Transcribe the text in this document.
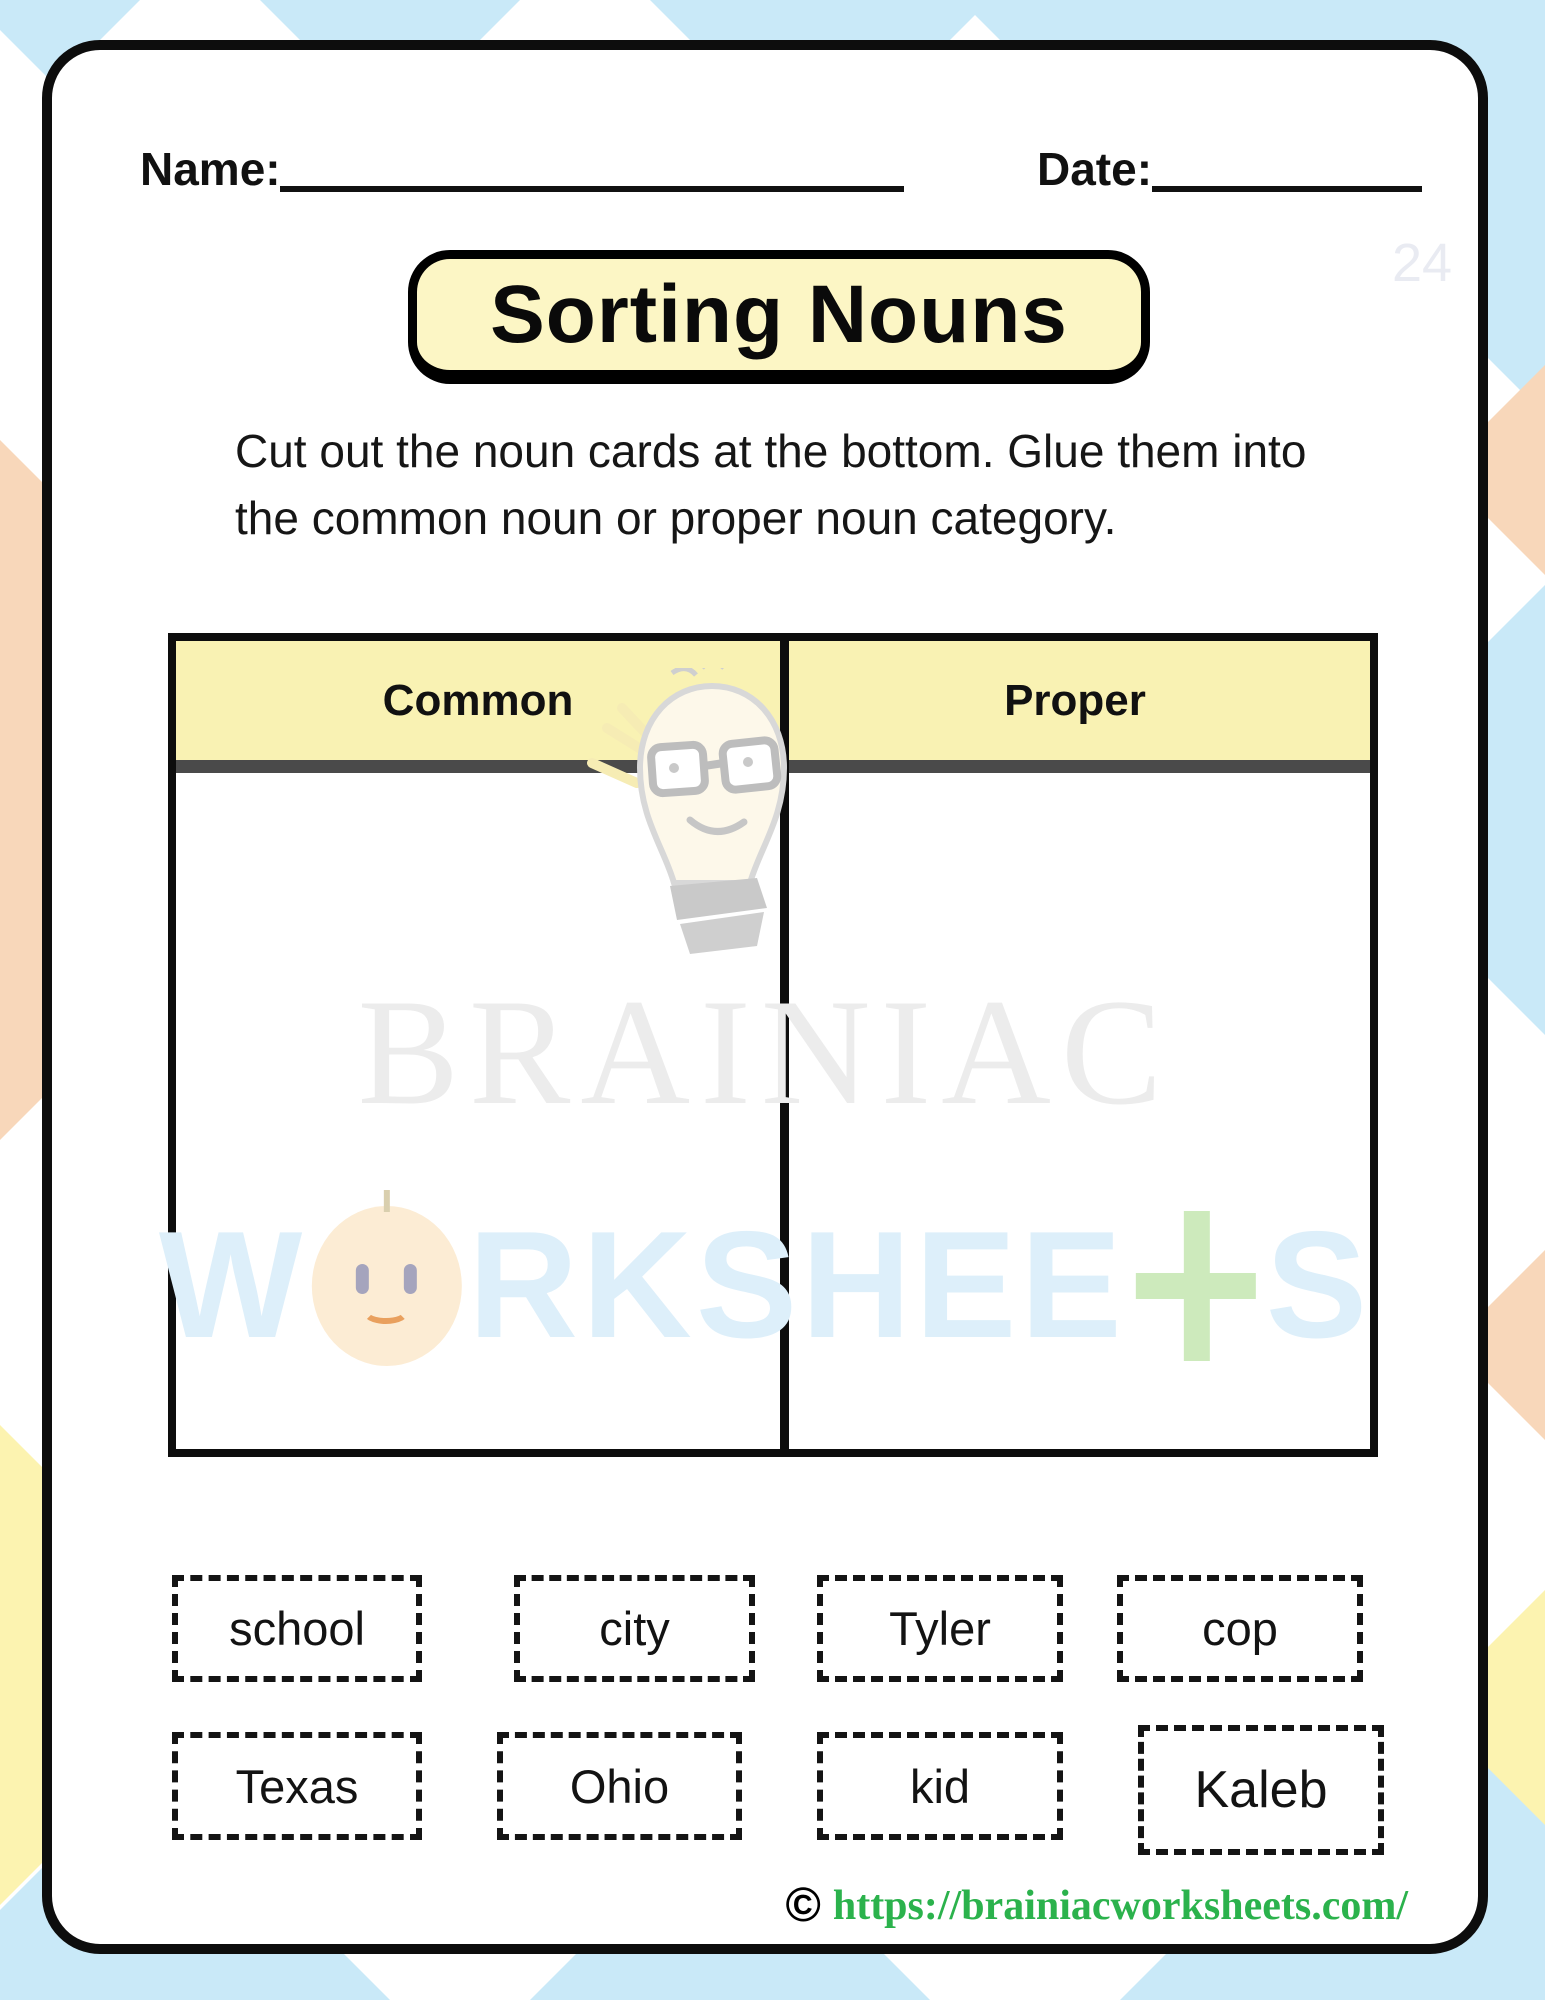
Name:	Date:
24
Sorting Nouns
Cut out the noun cards at the bottom. Glue them into
the common noun or proper noun category.
Common	Proper
BRAINIAC
W RKSHEE S
school	city	Tyler	cop
Texas	Ohio	kid	Kaleb
© https://brainiacworksheets.com/
